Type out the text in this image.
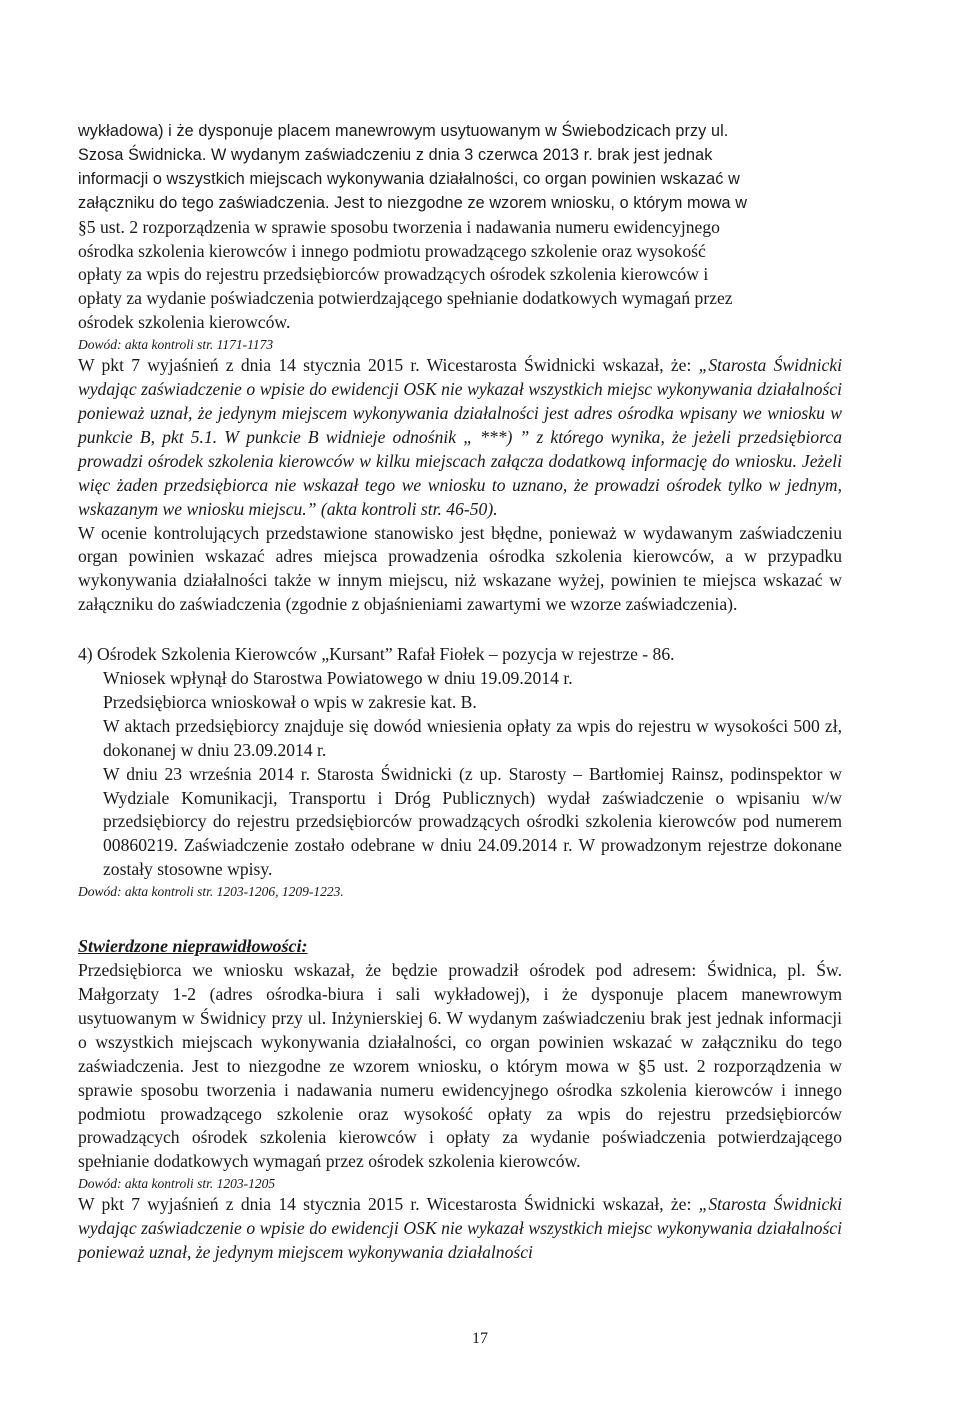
wykładowa) i że dysponuje placem manewrowym usytuowanym w Świebodzicach przy ul.

Szosa Świdnicka. W wydanym zaświadczeniu z dnia 3 czerwca 2013 r. brak jest jednak

informacji o wszystkich miejscach wykonywania działalności, co organ powinien wskazać w

załączniku do tego zaświadczenia. Jest to niezgodne ze wzorem wniosku, o którym mowa w

§5 ust. 2 rozporządzenia w sprawie sposobu tworzenia i nadawania numeru ewidencyjnego

ośrodka szkolenia kierowców i innego podmiotu prowadzącego szkolenie oraz wysokość

opłaty za wpis do rejestru przedsiębiorców prowadzących ośrodek szkolenia kierowców i

opłaty za wydanie poświadczenia potwierdzającego spełnianie dodatkowych wymagań przez

ośrodek szkolenia kierowców.

Dowód: akta kontroli str. 1171-1173

W pkt 7 wyjaśnień z dnia 14 stycznia 2015 r. Wicestarosta Świdnicki wskazał, że: „Starosta Świdnicki wydając zaświadczenie o wpisie do ewidencji OSK nie wykazał wszystkich miejsc wykonywania działalności ponieważ uznał, że jedynym miejscem wykonywania działalności jest adres ośrodka wpisany we wniosku w punkcie B, pkt 5.1. W punkcie B widnieje odnośnik „ ***) ” z którego wynika, że jeżeli przedsiębiorca prowadzi ośrodek szkolenia kierowców w kilku miejscach załącza dodatkową informację do wniosku. Jeżeli więc żaden przedsiębiorca nie wskazał tego we wniosku to uznano, że prowadzi ośrodek tylko w jednym, wskazanym we wniosku miejscu.” (akta kontroli str. 46-50).

W ocenie kontrolujących przedstawione stanowisko jest błędne, ponieważ w wydawanym zaświadczeniu organ powinien wskazać adres miejsca prowadzenia ośrodka szkolenia kierowców, a w przypadku wykonywania działalności także w innym miejscu, niż wskazane wyżej, powinien te miejsca wskazać w załączniku do zaświadczenia (zgodnie z objaśnieniami zawartymi we wzorze zaświadczenia).

4) Ośrodek Szkolenia Kierowców „Kursant” Rafał Fiołek – pozycja w rejestrze - 86.

Wniosek wpłynął do Starostwa Powiatowego w dniu 19.09.2014 r.

Przedsiębiorca wnioskował o wpis w zakresie kat. B.

W aktach przedsiębiorcy znajduje się dowód wniesienia opłaty za wpis do rejestru w wysokości 500 zł, dokonanej w dniu 23.09.2014 r.

W dniu 23 września 2014 r. Starosta Świdnicki (z up. Starosty – Bartłomiej Rainsz, podinspektor w Wydziale Komunikacji, Transportu i Dróg Publicznych) wydał zaświadczenie o wpisaniu w/w przedsiębiorcy do rejestru przedsiębiorców prowadzących ośrodki szkolenia kierowców pod numerem 00860219. Zaświadczenie zostało odebrane w dniu 24.09.2014 r. W prowadzonym rejestrze dokonane zostały stosowne wpisy.

Dowód: akta kontroli str. 1203-1206, 1209-1223.

Stwierdzone nieprawidłowości:

Przedsiębiorca we wniosku wskazał, że będzie prowadził ośrodek pod adresem: Świdnica, pl. Św. Małgorzaty 1-2 (adres ośrodka-biura i sali wykładowej), i że dysponuje placem manewrowym usytuowanym w Świdnicy przy ul. Inżynierskiej 6. W wydanym zaświadczeniu brak jest jednak informacji o wszystkich miejscach wykonywania działalności, co organ powinien wskazać w załączniku do tego zaświadczenia. Jest to niezgodne ze wzorem wniosku, o którym mowa w §5 ust. 2 rozporządzenia w sprawie sposobu tworzenia i nadawania numeru ewidencyjnego ośrodka szkolenia kierowców i innego podmiotu prowadzącego szkolenie oraz wysokość opłaty za wpis do rejestru przedsiębiorców prowadzących ośrodek szkolenia kierowców i opłaty za wydanie poświadczenia potwierdzającego spełnianie dodatkowych wymagań przez ośrodek szkolenia kierowców.

Dowód: akta kontroli str. 1203-1205

W pkt 7 wyjaśnień z dnia 14 stycznia 2015 r. Wicestarosta Świdnicki wskazał, że: „Starosta Świdnicki wydając zaświadczenie o wpisie do ewidencji OSK nie wykazał wszystkich miejsc wykonywania działalności ponieważ uznał, że jedynym miejscem wykonywania działalności

17
